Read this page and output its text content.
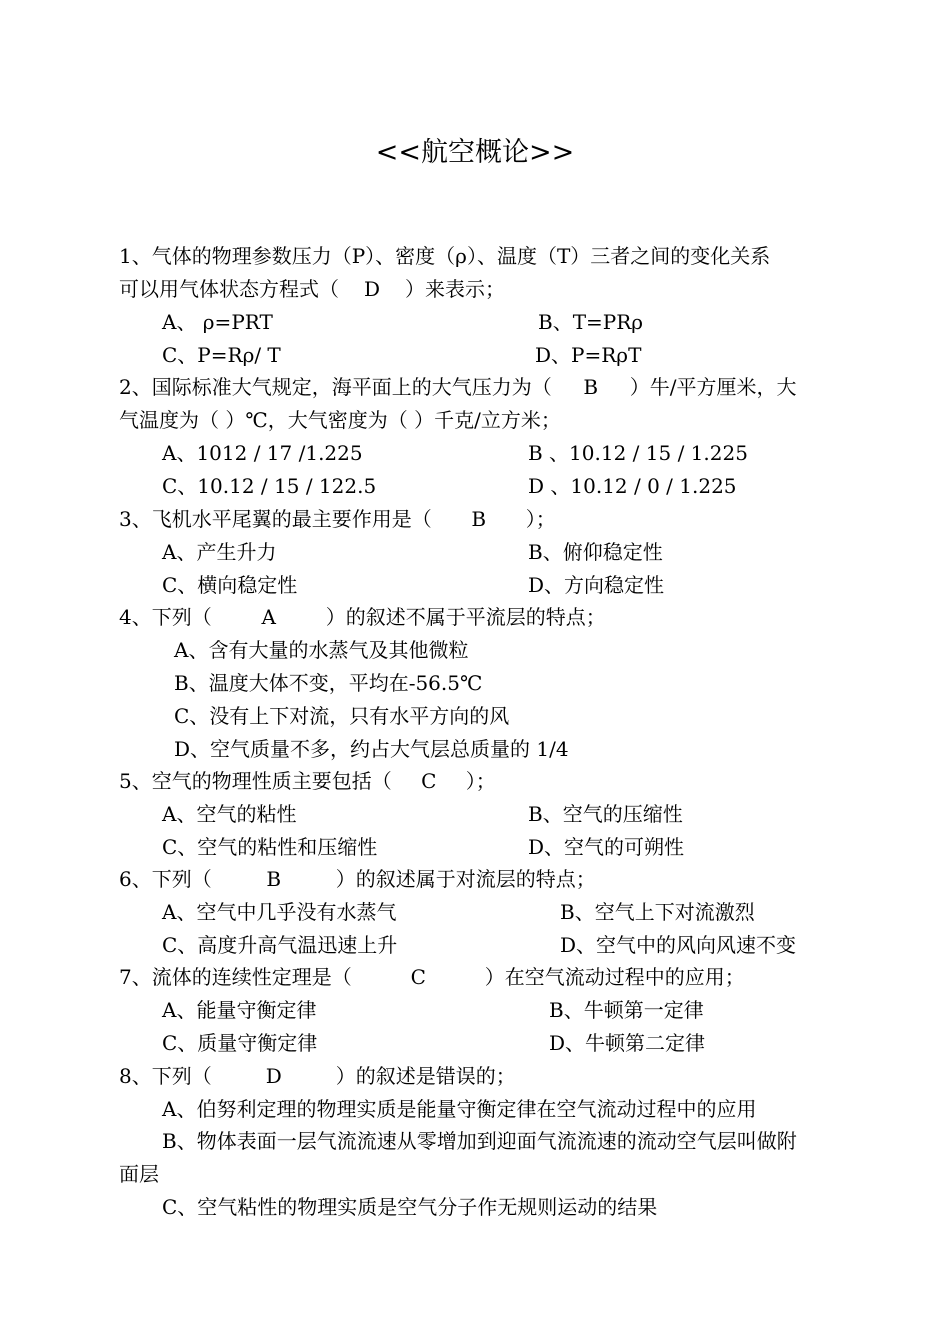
<<航空概论>>
1、气体的物理参数压力（P）、密度（ρ）、温度（T）三者之间的变化关系
可以用气体状态方程式（ D ）来表示；
A、 ρ=PRT	B、T=PRρ
C、P=Rρ/ T	D、P=RρT
2、国际标准大气规定，海平面上的大气压力为（ B ）牛/平方厘米，大
气温度为（ ）℃，大气密度为（ ）千克/立方米；
A、1012 / 17 /1.225	B 、10.12 / 15 / 1.225
C、10.12 / 15 / 122.5	D 、10.12 / 0 / 1.225
3、飞机水平尾翼的最主要作用是（ B ）；
A、产生升力	B、俯仰稳定性
C、横向稳定性	D、方向稳定性
4、下列（ A ）的叙述不属于平流层的特点；
A、含有大量的水蒸气及其他微粒
B、温度大体不变，平均在-56.5℃
C、没有上下对流，只有水平方向的风
D、空气质量不多，约占大气层总质量的 1/4
5、空气的物理性质主要包括（ C ）；
A、空气的粘性	B、空气的压缩性
C、空气的粘性和压缩性	D、空气的可朔性
6、下列（	B	）的叙述属于对流层的特点；
A、空气中几乎没有水蒸气	B、空气上下对流激烈
C、高度升高气温迅速上升	D、空气中的风向风速不变
7、流体的连续性定理是（	C	）在空气流动过程中的应用；
A、能量守衡定律	B、牛顿第一定律
C、质量守衡定律	D、牛顿第二定律
8、下列（	D	）的叙述是错误的；
A、伯努利定理的物理实质是能量守衡定律在空气流动过程中的应用
B、物体表面一层气流流速从零增加到迎面气流流速的流动空气层叫做附
面层
C、空气粘性的物理实质是空气分子作无规则运动的结果
